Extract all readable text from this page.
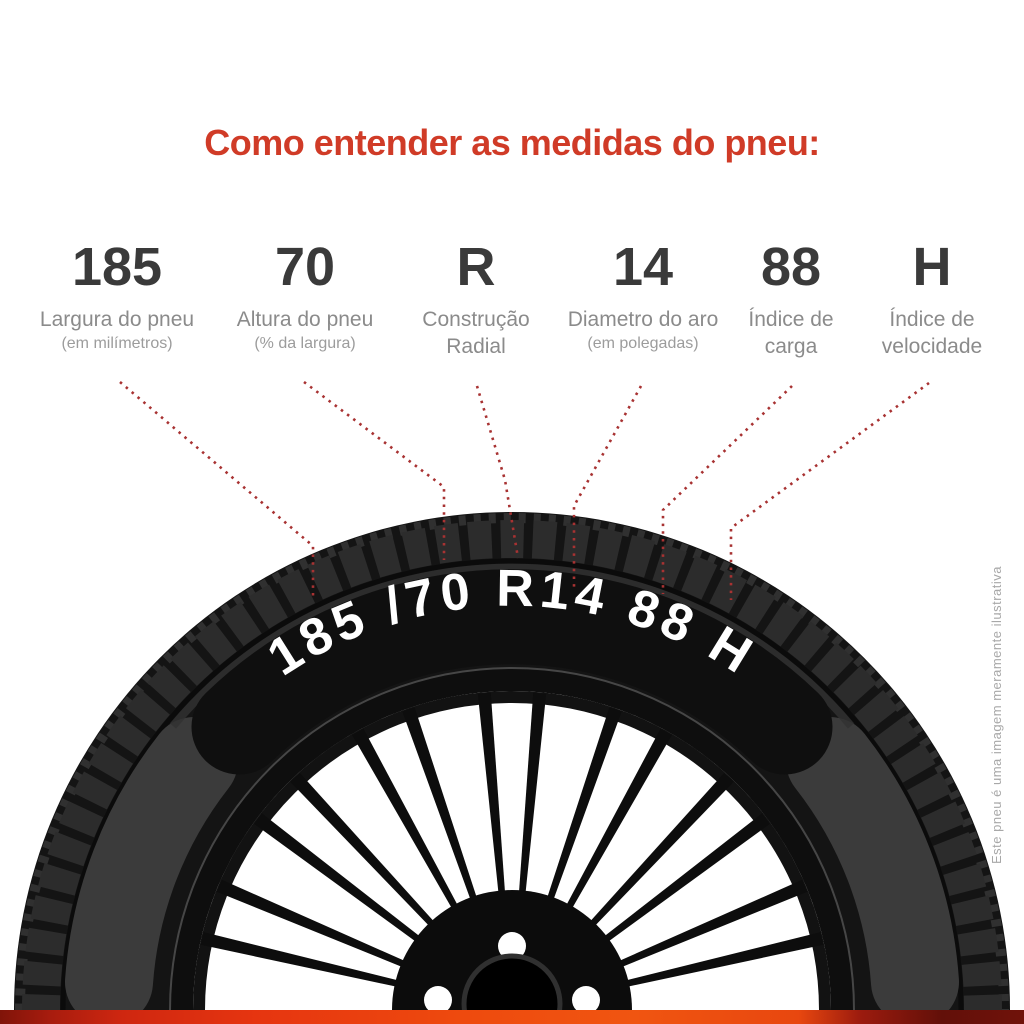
Como entender as medidas do pneu:
185
Largura do pneu
(em milímetros)
70
Altura do pneu
(% da largura)
R
Construção
Radial
14
Diametro do aro
(em polegadas)
88
Índice de
carga
H
Índice de
velocidade
185 /70 R14 88 H	Este pneu é uma imagem meramente ilustrativa
